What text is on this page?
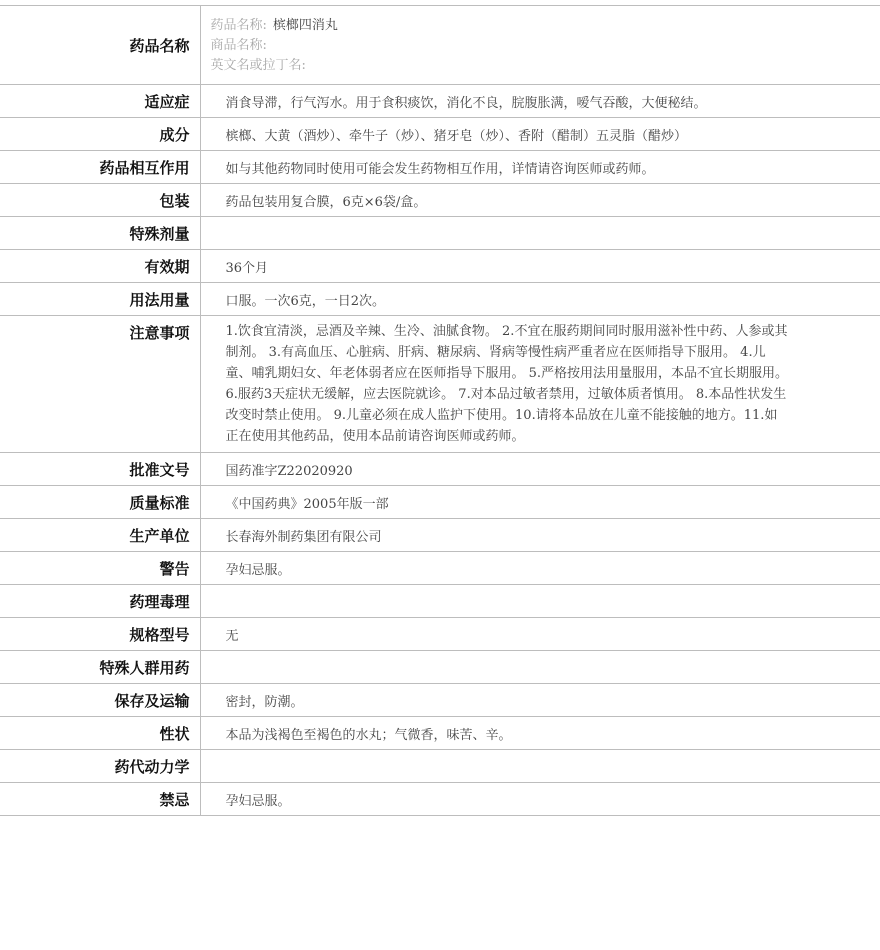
药品名称	药品名称: 槟榔四消丸
商品名称:
英文名或拉丁名:

适应症	消食导滞，行气泻水。用于食积痰饮，消化不良，脘腹胀满，嗳气吞酸，大便秘结。
成分	槟榔、大黄（酒炒）、牵牛子（炒）、猪牙皂（炒）、香附（醋制）五灵脂（醋炒）
药品相互作用	如与其他药物同时使用可能会发生药物相互作用，详情请咨询医师或药师。
包装	药品包装用复合膜，6克×6袋/盒。
特殊剂量	
有效期	36个月
用法用量	口服。一次6克，一日2次。
注意事项	1.饮食宜清淡，忌酒及辛辣、生冷、油腻食物。 2.不宜在服药期间同时服用滋补性中药、人参或其制剂。 3.有高血压、心脏病、肝病、糖尿病、肾病等慢性病严重者应在医师指导下服用。 4.儿童、哺乳期妇女、年老体弱者应在医师指导下服用。 5.严格按用法用量服用，本品不宜长期服用。 6.服药3天症状无缓解，应去医院就诊。 7.对本品过敏者禁用，过敏体质者慎用。 8.本品性状发生改变时禁止使用。 9.儿童必须在成人监护下使用。10.请将本品放在儿童不能接触的地方。11.如正在使用其他药品，使用本品前请咨询医师或药师。
批准文号	国药准字Z22020920
质量标准	《中国药典》2005年版一部
生产单位	长春海外制药集团有限公司
警告	孕妇忌服。
药理毒理	
规格型号	无
特殊人群用药	
保存及运输	密封，防潮。
性状	本品为浅褐色至褐色的水丸；气微香，味苦、辛。
药代动力学	
禁忌	孕妇忌服。
